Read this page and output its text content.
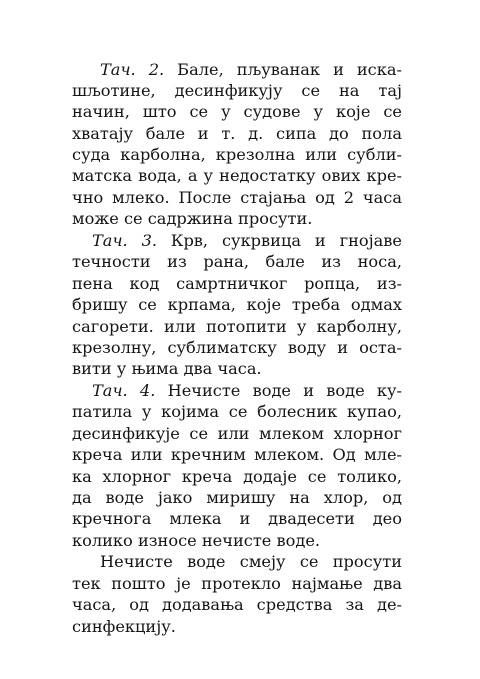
Тач. 2. Бале, пљуванак и иска-
шљотине, десинфикују се на тај
начин, што се у судове у које се
хватају бале и т. д. сипа до пола
суда карболна, крезолна или субли-
матска вода, а у недостатку ових кре-
чно млеко. После стајања од 2 часа
може се садржина просути.
Тач. 3. Крв, сукрвица и гнојаве
течности из рана, бале из носа,
пена код самртничког ропца, из-
бришу се крпама, које треба одмах
сагорети. или потопити у карболну,
крезолну, сублиматску воду и оста-
вити у њима два часа.
Тач. 4. Нечисте воде и воде ку-
патила у којима се болесник купао,
десинфикује се или млеком хлорног
креча или кречним млеком. Од мле-
ка хлорног креча додаје се толико,
да воде јако миришу на хлор, од
кречнога млека и двадесети део
колико износе нечисте воде.
Нечисте воде смеју се просути
тек пошто је протекло најмање два
часа, од додавања средства за де-
синфекцију.
